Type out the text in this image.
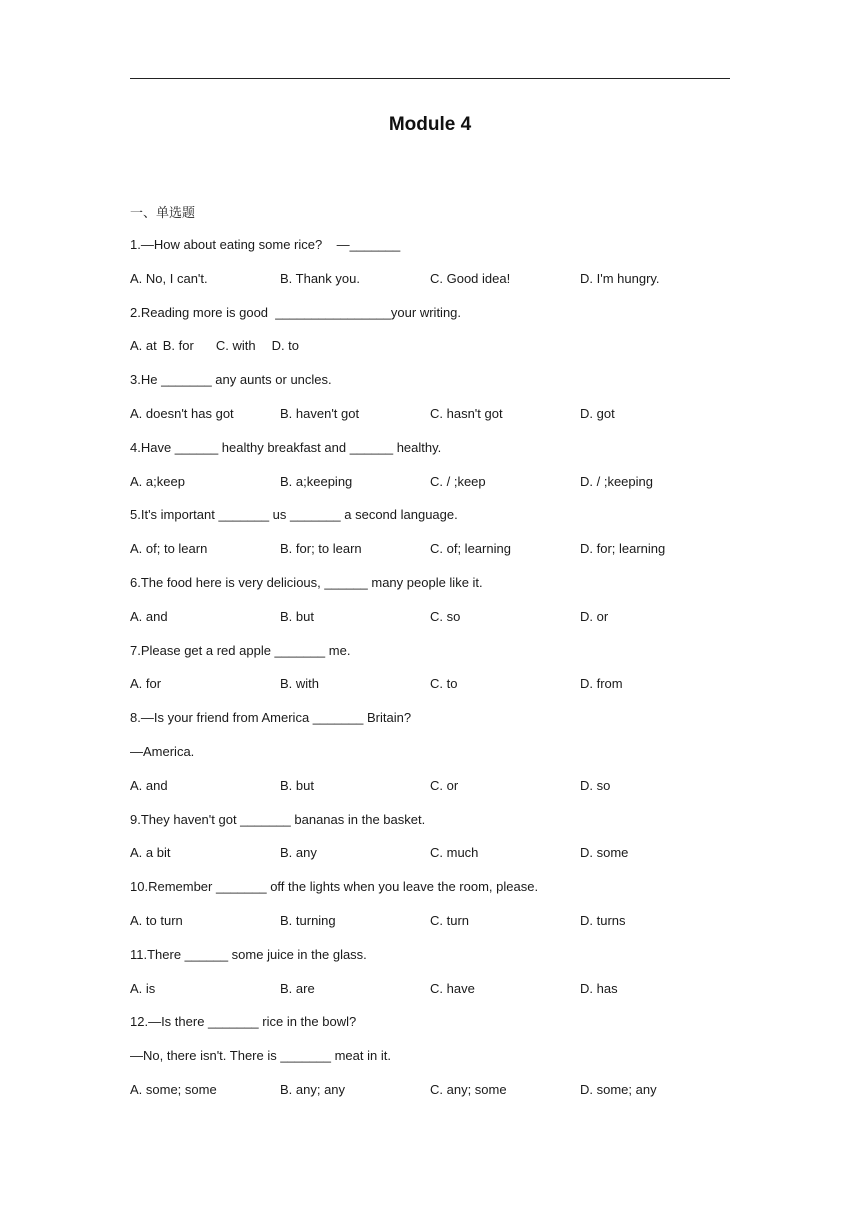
Module 4
一、单选题
1.—How about eating some rice?    —_______
A. No, I can't.	B. Thank you.	C. Good idea!	D. I'm hungry.
2.Reading more is good  ________________your writing.
A. at B. for C. with D. to
3.He _______ any aunts or uncles.
A. doesn't has got	B. haven't got	C. hasn't got	D. got
4.Have ______ healthy breakfast and ______ healthy.
A. a;keep	B. a;keeping	C. / ;keep	D. / ;keeping
5.It's important _______ us _______ a second language.
A. of; to learn	B. for; to learn	C. of; learning	D. for; learning
6.The food here is very delicious, ______ many people like it.
A. and	B. but	C. so	D. or
7.Please get a red apple _______ me.
A. for	B. with	C. to	D. from
8.—Is your friend from America _______ Britain?
—America.
A. and	B. but	C. or	D. so
9.They haven't got _______ bananas in the basket.
A. a bit	B. any	C. much	D. some
10.Remember _______ off the lights when you leave the room, please.
A. to turn	B. turning	C. turn	D. turns
11.There ______ some juice in the glass.
A. is	B. are	C. have	D. has
12.—Is there _______ rice in the bowl?
—No, there isn't. There is _______ meat in it.
A. some; some	B. any; any	C. any; some	D. some; any
